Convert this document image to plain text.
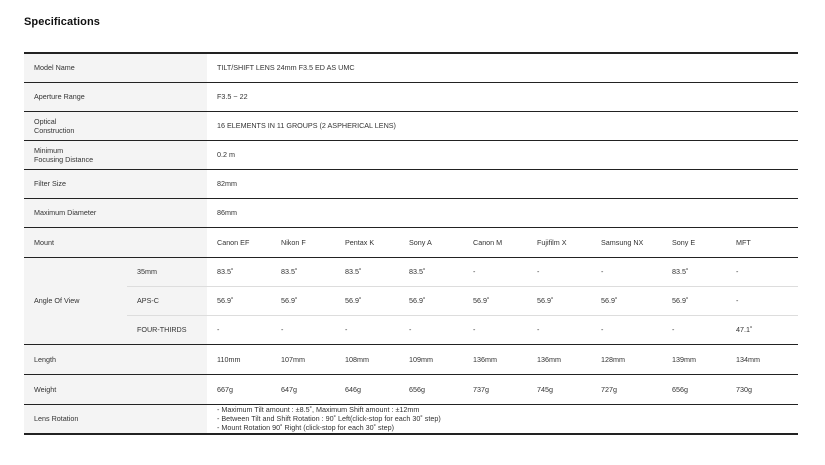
Specifications
Model Name		TILT/SHIFT LENS 24mm F3.5 ED AS UMC								
Aperture Range		F3.5 ~ 22								

Optical
Construction		16 ELEMENTS IN 11 GROUPS (2 ASPHERICAL LENS)								

Minimum
Focusing Distance		0.2 m								
Filter Size		82mm								
Maximum Diameter		86mm								
Mount		Canon EF	Nikon F	Pentax K	Sony A	Canon M	Fujifilm X	Samsung NX	Sony E	MFT
Angle Of View	35mm	83.5˚	83.5˚	83.5˚	83.5˚	-	-	-	83.5˚	-
	APS-C	56.9˚	56.9˚	56.9˚	56.9˚	56.9˚	56.9˚	56.9˚	56.9˚	-
	FOUR-THIRDS	-	-	-	-	-	-	-	-	47.1˚
Length		110mm	107mm	108mm	109mm	136mm	136mm	128mm	139mm	134mm
Weight		667g	647g	646g	656g	737g	745g	727g	656g	730g
Lens Rotation		- Maximum Tilt amount : ±8.5˚, Maximum Shift amount : ±12mm
- Between Tilt and Shift Rotation : 90˚ Left(click-stop for each 30˚ step)
- Mount Rotation 90˚ Right (click-stop for each 30˚ step)								
